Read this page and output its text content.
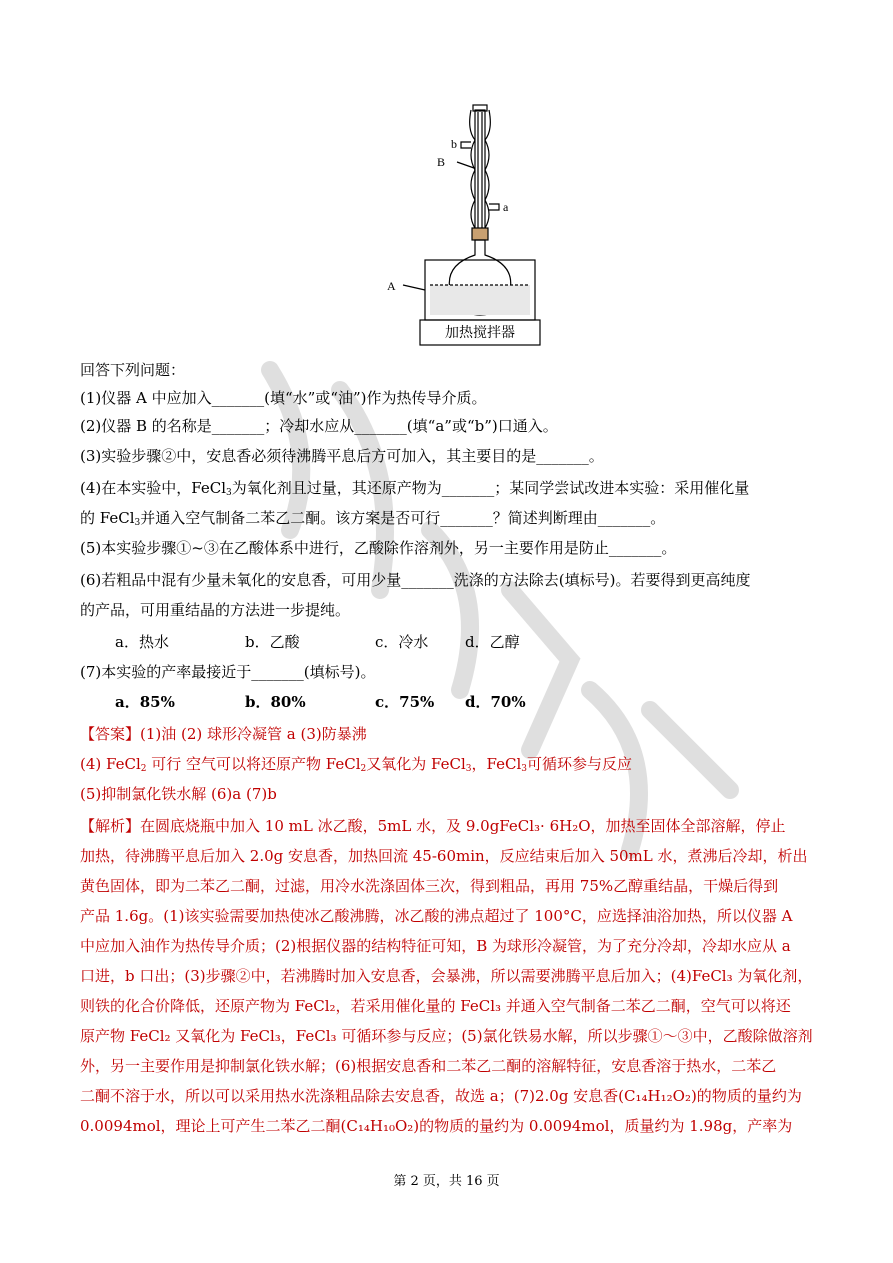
b
B
a
A
加热搅拌器
回答下列问题：
(1)仪器 A 中应加入_______(填“水”或“油”)作为热传导介质。
(2)仪器 B 的名称是_______；冷却水应从_______(填“a”或“b”)口通入。
(3)实验步骤②中，安息香必须待沸腾平息后方可加入，其主要目的是_______。
(4)在本实验中，FeCl$_3$为氧化剂且过量，其还原产物为_______；某同学尝试改进本实验：采用催化量
的 FeCl$_3$并通入空气制备二苯乙二酮。该方案是否可行_______？简述判断理由_______。
(5)本实验步骤①~③在乙酸体系中进行，乙酸除作溶剂外，另一主要作用是防止_______。
(6)若粗品中混有少量未氧化的安息香，可用少量_______洗涤的方法除去(填标号)。若要得到更高纯度
的产品，可用重结晶的方法进一步提纯。
a．热水	b．乙酸	c．冷水 d．乙醇
(7)本实验的产率最接近于_______(填标号)。
a．85%	b．80%	c．75% d．70%
【答案】(1)油 (2) 球形冷凝管 a (3)防暴沸
(4) FeCl$_2$ 可行 空气可以将还原产物 FeCl$_2$又氧化为 FeCl$_3$，FeCl$_3$可循环参与反应
(5)抑制氯化铁水解 (6)a (7)b
【解析】在圆底烧瓶中加入 10 mL 冰乙酸，5mL 水，及 9.0gFeCl₃· 6H₂O，加热至固体全部溶解，停止
加热，待沸腾平息后加入 2.0g 安息香，加热回流 45-60min，反应结束后加入 50mL 水，煮沸后冷却，析出
黄色固体，即为二苯乙二酮，过滤，用冷水洗涤固体三次，得到粗品，再用 75%乙醇重结晶，干燥后得到
产品 1.6g。(1)该实验需要加热使冰乙酸沸腾，冰乙酸的沸点超过了 100°C，应选择油浴加热，所以仪器 A
中应加入油作为热传导介质；(2)根据仪器的结构特征可知，B 为球形冷凝管，为了充分冷却，冷却水应从 a
口进，b 口出；(3)步骤②中，若沸腾时加入安息香，会暴沸，所以需要沸腾平息后加入；(4)FeCl₃ 为氧化剂，
则铁的化合价降低，还原产物为 FeCl₂，若采用催化量的 FeCl₃ 并通入空气制备二苯乙二酮，空气可以将还
原产物 FeCl₂ 又氧化为 FeCl₃，FeCl₃ 可循环参与反应；(5)氯化铁易水解，所以步骤①～③中，乙酸除做溶剂
外，另一主要作用是抑制氯化铁水解；(6)根据安息香和二苯乙二酮的溶解特征，安息香溶于热水，二苯乙
二酮不溶于水，所以可以采用热水洗涤粗品除去安息香，故选 a；(7)2.0g 安息香(C₁₄H₁₂O₂)的物质的量约为
0.0094mol，理论上可产生二苯乙二酮(C₁₄H₁₀O₂)的物质的量约为 0.0094mol，质量约为 1.98g，产率为
第 2 页，共 16 页
